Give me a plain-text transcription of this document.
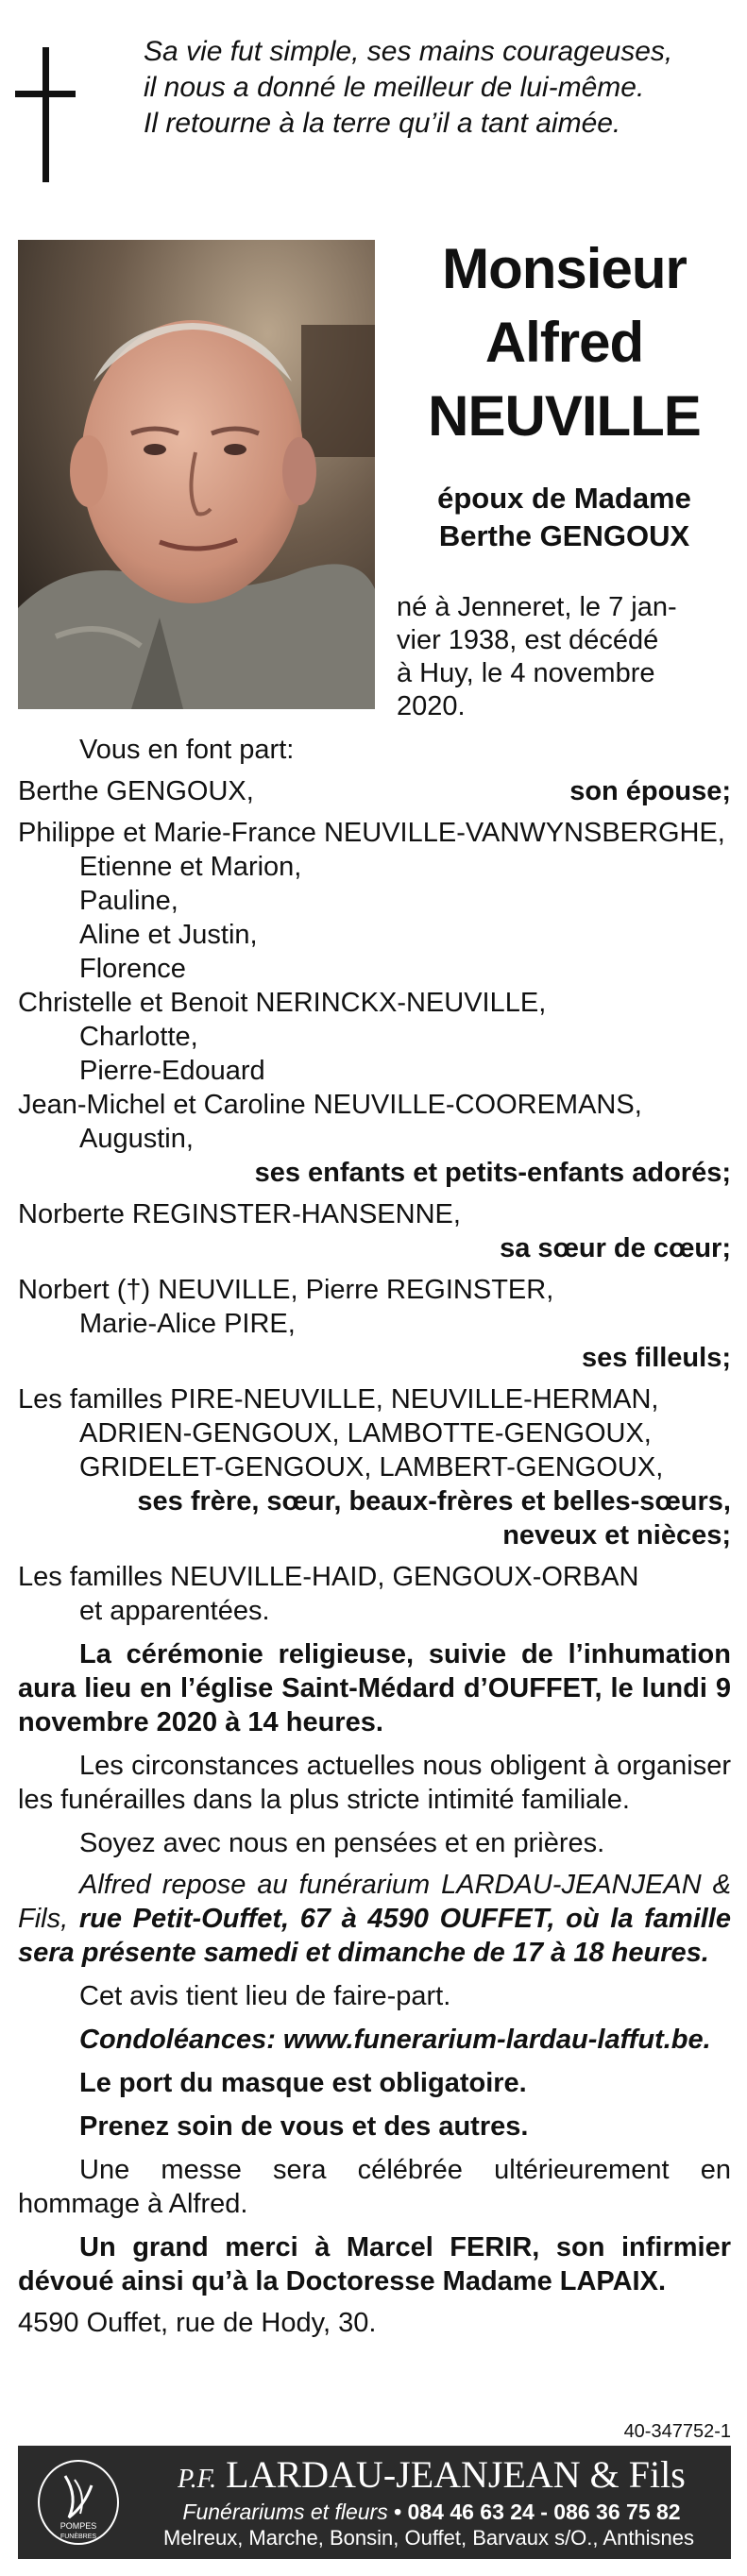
Sa vie fut simple, ses mains courageuses,
il nous a donné le meilleur de lui-même.
Il retourne à la terre qu’il a tant aimée.
Monsieur
Alfred
NEUVILLE
époux de Madame
Berthe GENGOUX
né à Jenneret, le 7 jan-
vier 1938, est décédé
à Huy, le 4 novembre
2020.
Vous en font part:
Berthe GENGOUX,	son épouse;
Philippe et Marie-France NEUVILLE-VANWYNSBERGHE,
Etienne et Marion,
Pauline,
Aline et Justin,
Florence
Christelle et Benoit NERINCKX-NEUVILLE,
Charlotte,
Pierre-Edouard
Jean-Michel et Caroline NEUVILLE-COOREMANS,
Augustin,
ses enfants et petits-enfants adorés;
Norberte REGINSTER-HANSENNE,
sa sœur de cœur;
Norbert (†) NEUVILLE, Pierre REGINSTER,
Marie-Alice PIRE,
ses filleuls;
Les familles PIRE-NEUVILLE, NEUVILLE-HERMAN,
ADRIEN-GENGOUX, LAMBOTTE-GENGOUX,
GRIDELET-GENGOUX, LAMBERT-GENGOUX,
ses frère, sœur, beaux-frères et belles-sœurs,
neveux et nièces;
Les familles NEUVILLE-HAID, GENGOUX-ORBAN
et apparentées.
La cérémonie religieuse, suivie de l’inhumation aura lieu en l’église Saint-Médard d’OUFFET, le lundi 9 novembre 2020 à 14 heures.
Les circonstances actuelles nous obligent à organiser les funérailles dans la plus stricte intimité familiale.
Soyez avec nous en pensées et en prières.
Alfred repose au funérarium LARDAU-JEANJEAN & Fils, rue Petit-Ouffet, 67 à 4590 OUFFET, où la famille sera présente samedi et dimanche de 17 à 18 heures.
Cet avis tient lieu de faire-part.
Condoléances: www.funerarium-lardau-laffut.be.
Le port du masque est obligatoire.
Prenez soin de vous et des autres.
Une messe sera célébrée ultérieurement en hommage à Alfred.
Un grand merci à Marcel FERIR, son infirmier dévoué ainsi qu’à la Doctoresse Madame LAPAIX.
4590 Ouffet, rue de Hody, 30.
40-347752-1
POMPES
FUNÈBRES
P.F. LARDAU-JEANJEAN & Fils
Funérariums et fleurs • 084 46 63 24 - 086 36 75 82
Melreux, Marche, Bonsin, Ouffet, Barvaux s/O., Anthisnes
